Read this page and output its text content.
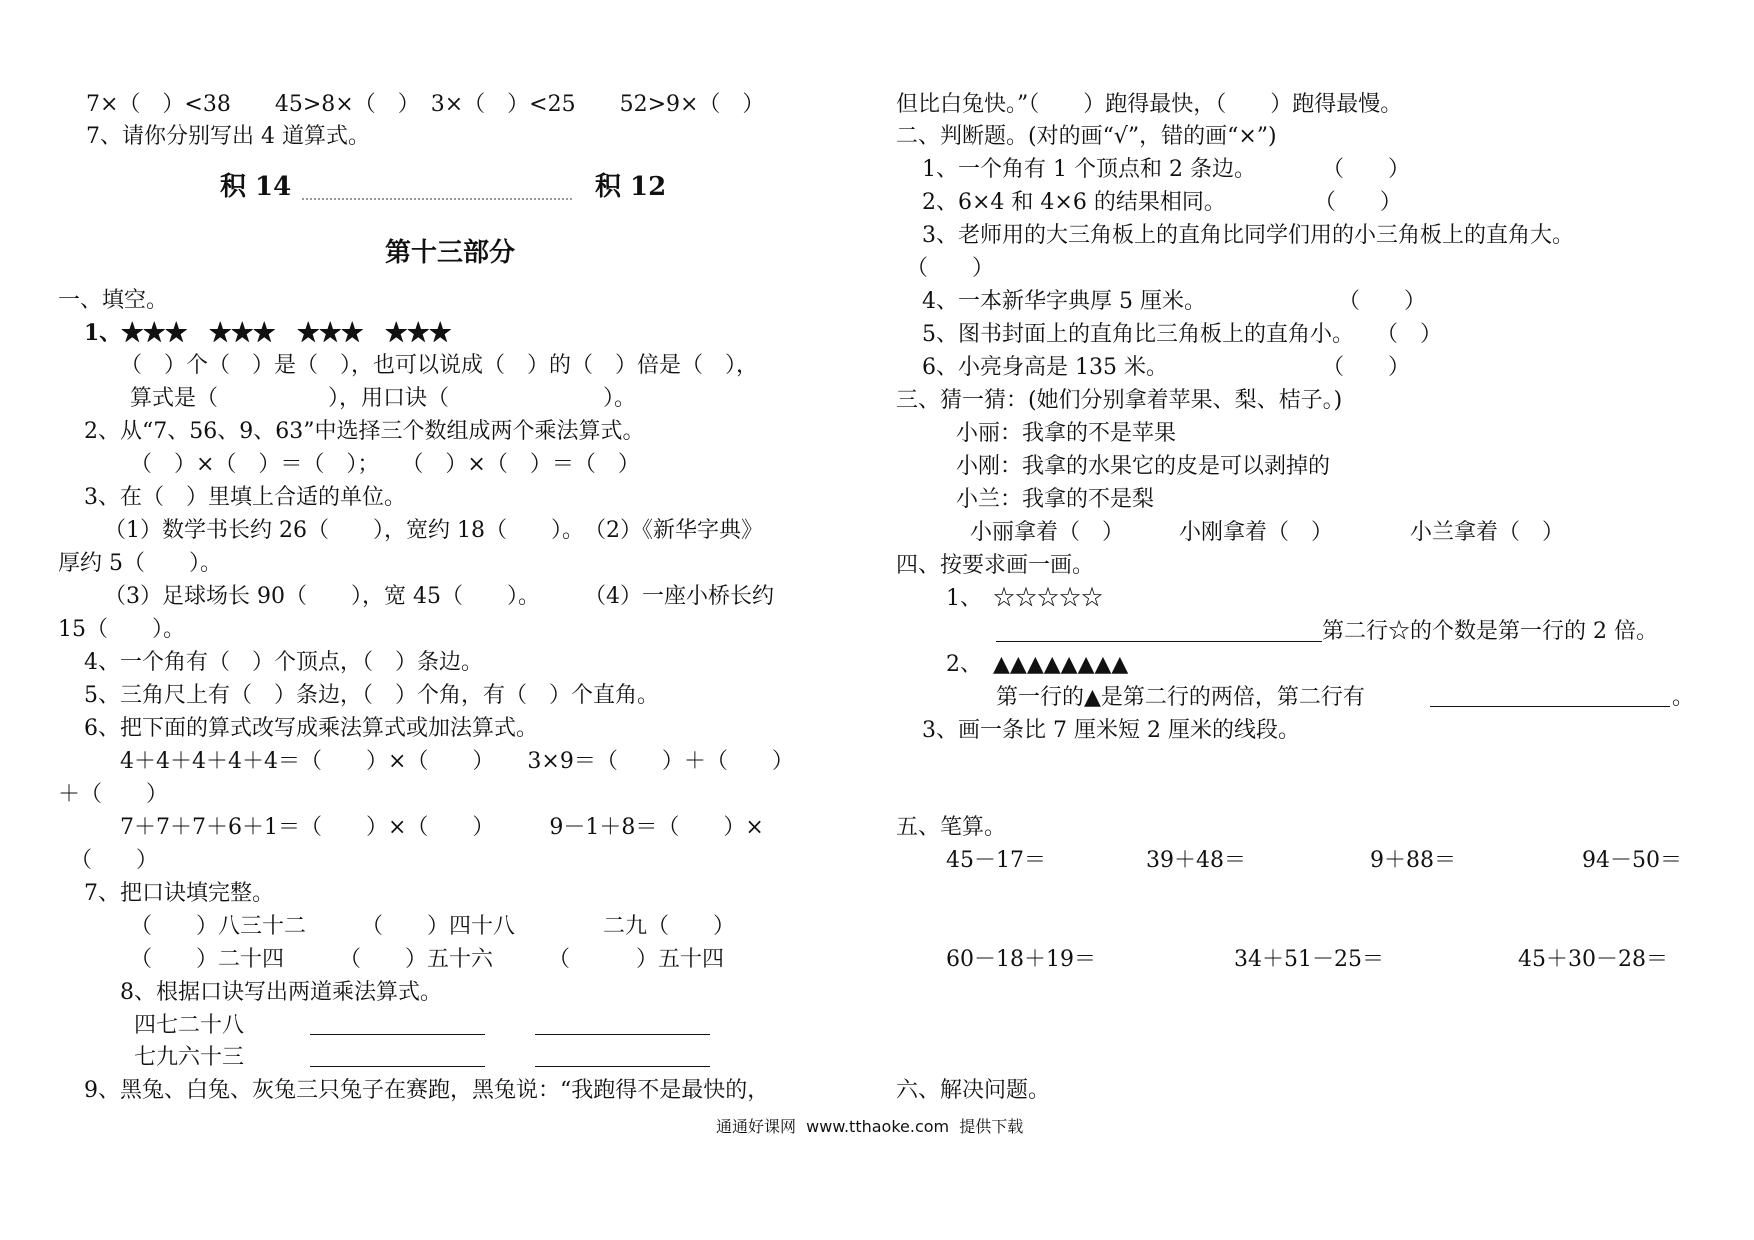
7×（　）<38　　45>8×（　）　3×（　）<25　　52>9×（　）
7、请你分别写出 4 道算式。
积 14	积 12
第十三部分
一、填空。
1、★★★　★★★　★★★　★★★
（　）个（　）是（　），也可以说成（　）的（　）倍是（　），
算式是（　　　　　），用口诀（　　　　　　　）。
2、从“7、56、9、63”中选择三个数组成两个乘法算式。
（　）×（　）＝（　）；　　（　）×（　）＝（　）
3、在（　）里填上合适的单位。
（1）数学书长约 26（　　），宽约 18（　　）。　（2）《新华字典》
厚约 5（　　）。
（3）足球场长 90（　　），宽 45（　　）。　　　（4）一座小桥长约
15（　　）。
4、一个角有（　）个顶点，（　）条边。
5、三角尺上有（　）条边，（　）个角，有（　）个直角。
6、把下面的算式改写成乘法算式或加法算式。
4＋4＋4＋4＋4＝（　　）×（　　）　　3×9＝（　　）＋（　　）
＋（　　）
7＋7＋7＋6＋1＝（　　）×（　　）　　　9－1＋8＝（　　）×
（　　）
7、把口诀填完整。
（　　）八三十二　　　（　　）四十八　　　　二九（　　）
（　　）二十四　　　（　　）五十六　　　（　　　）五十四
8、根据口诀写出两道乘法算式。
四七二十八
七九六十三
9、黑兔、白兔、灰兔三只兔子在赛跑，黑兔说：“我跑得不是最快的，
但比白兔快。”（　　）跑得最快，（　　）跑得最慢。
二、判断题。(对的画“√”，错的画“×”)
1、一个角有 1 个顶点和 2 条边。　　　　（　　）
2、6×4 和 4×6 的结果相同。　　　　　（　　）
3、老师用的大三角板上的直角比同学们用的小三角板上的直角大。
（　　）
4、一本新华字典厚 5 厘米。　　　　　　　（　　）
5、图书封面上的直角比三角板上的直角小。　　（　）
6、小亮身高是 135 米。　　　　　　　　（　　）
三、猜一猜：(她们分别拿着苹果、梨、桔子。)
小丽：我拿的不是苹果
小刚：我拿的水果它的皮是可以剥掉的
小兰：我拿的不是梨
小丽拿着（　）　　　小刚拿着（　）　　　　小兰拿着（　）
四、按要求画一画。
1、　☆☆☆☆☆
第二行☆的个数是第一行的 2 倍。
2、　▲▲▲▲▲▲▲▲
第一行的▲是第二行的两倍，第二行有	。
3、画一条比 7 厘米短 2 厘米的线段。
五、笔算。
45－17＝	39＋48＝	9＋88＝	94－50＝
60－18＋19＝	34＋51－25＝	45＋30－28＝
六、解决问题。
通通好课网  www.tthaoke.com  提供下载
